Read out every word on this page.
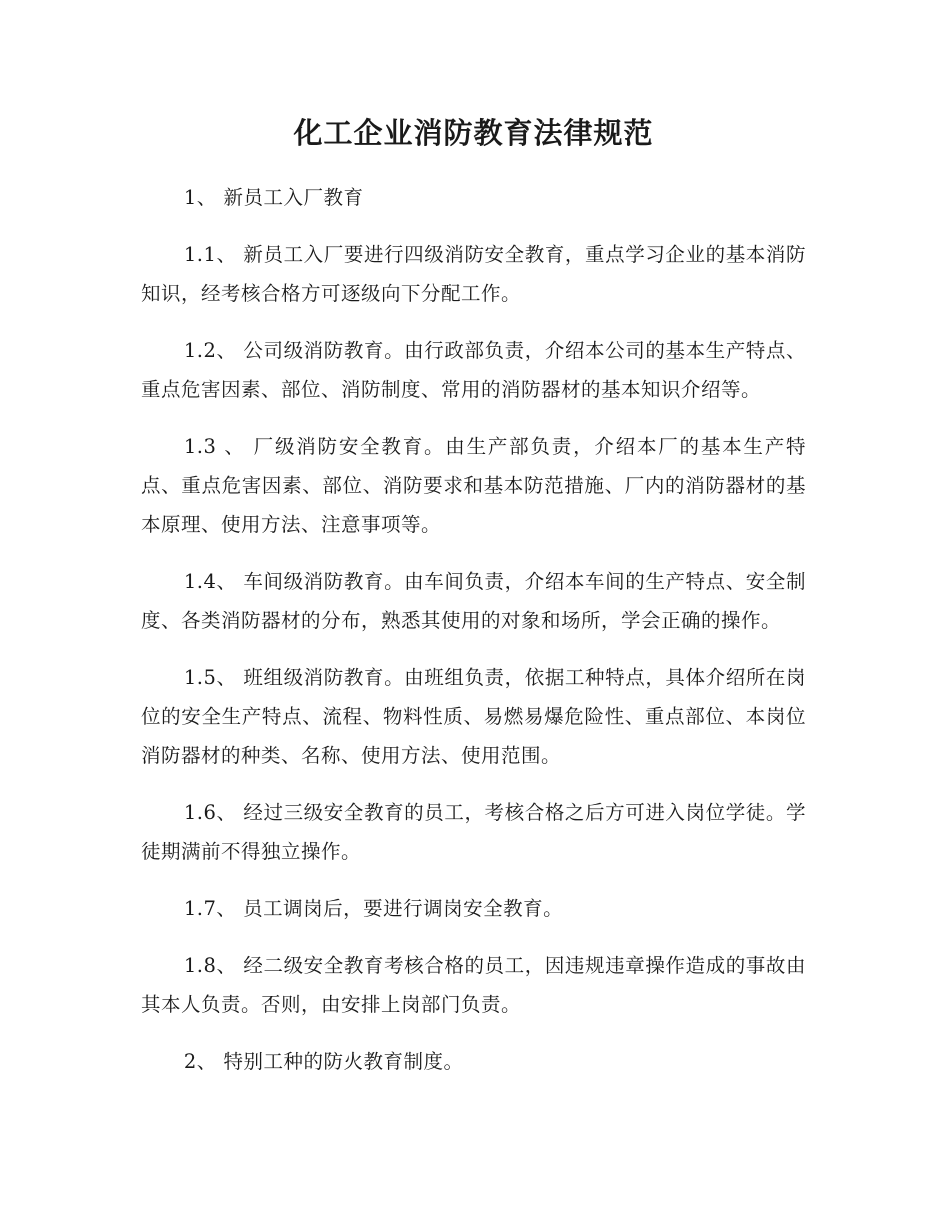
化工企业消防教育法律规范

1、 新员工入厂教育

1.1、 新员工入厂要进行四级消防安全教育，重点学习企业的基本消防知识，经考核合格方可逐级向下分配工作。

1.2、 公司级消防教育。由行政部负责，介绍本公司的基本生产特点、重点危害因素、部位、消防制度、常用的消防器材的基本知识介绍等。

1.3 、 厂级消防安全教育。由生产部负责，介绍本厂的基本生产特点、重点危害因素、部位、消防要求和基本防范措施、厂内的消防器材的基本原理、使用方法、注意事项等。

1.4、 车间级消防教育。由车间负责，介绍本车间的生产特点、安全制度、各类消防器材的分布，熟悉其使用的对象和场所，学会正确的操作。

1.5、 班组级消防教育。由班组负责，依据工种特点，具体介绍所在岗位的安全生产特点、流程、物料性质、易燃易爆危险性、重点部位、本岗位消防器材的种类、名称、使用方法、使用范围。

1.6、 经过三级安全教育的员工，考核合格之后方可进入岗位学徒。学徒期满前不得独立操作。

1.7、 员工调岗后，要进行调岗安全教育。

1.8、 经二级安全教育考核合格的员工，因违规违章操作造成的事故由其本人负责。否则，由安排上岗部门负责。

2、 特别工种的防火教育制度。
